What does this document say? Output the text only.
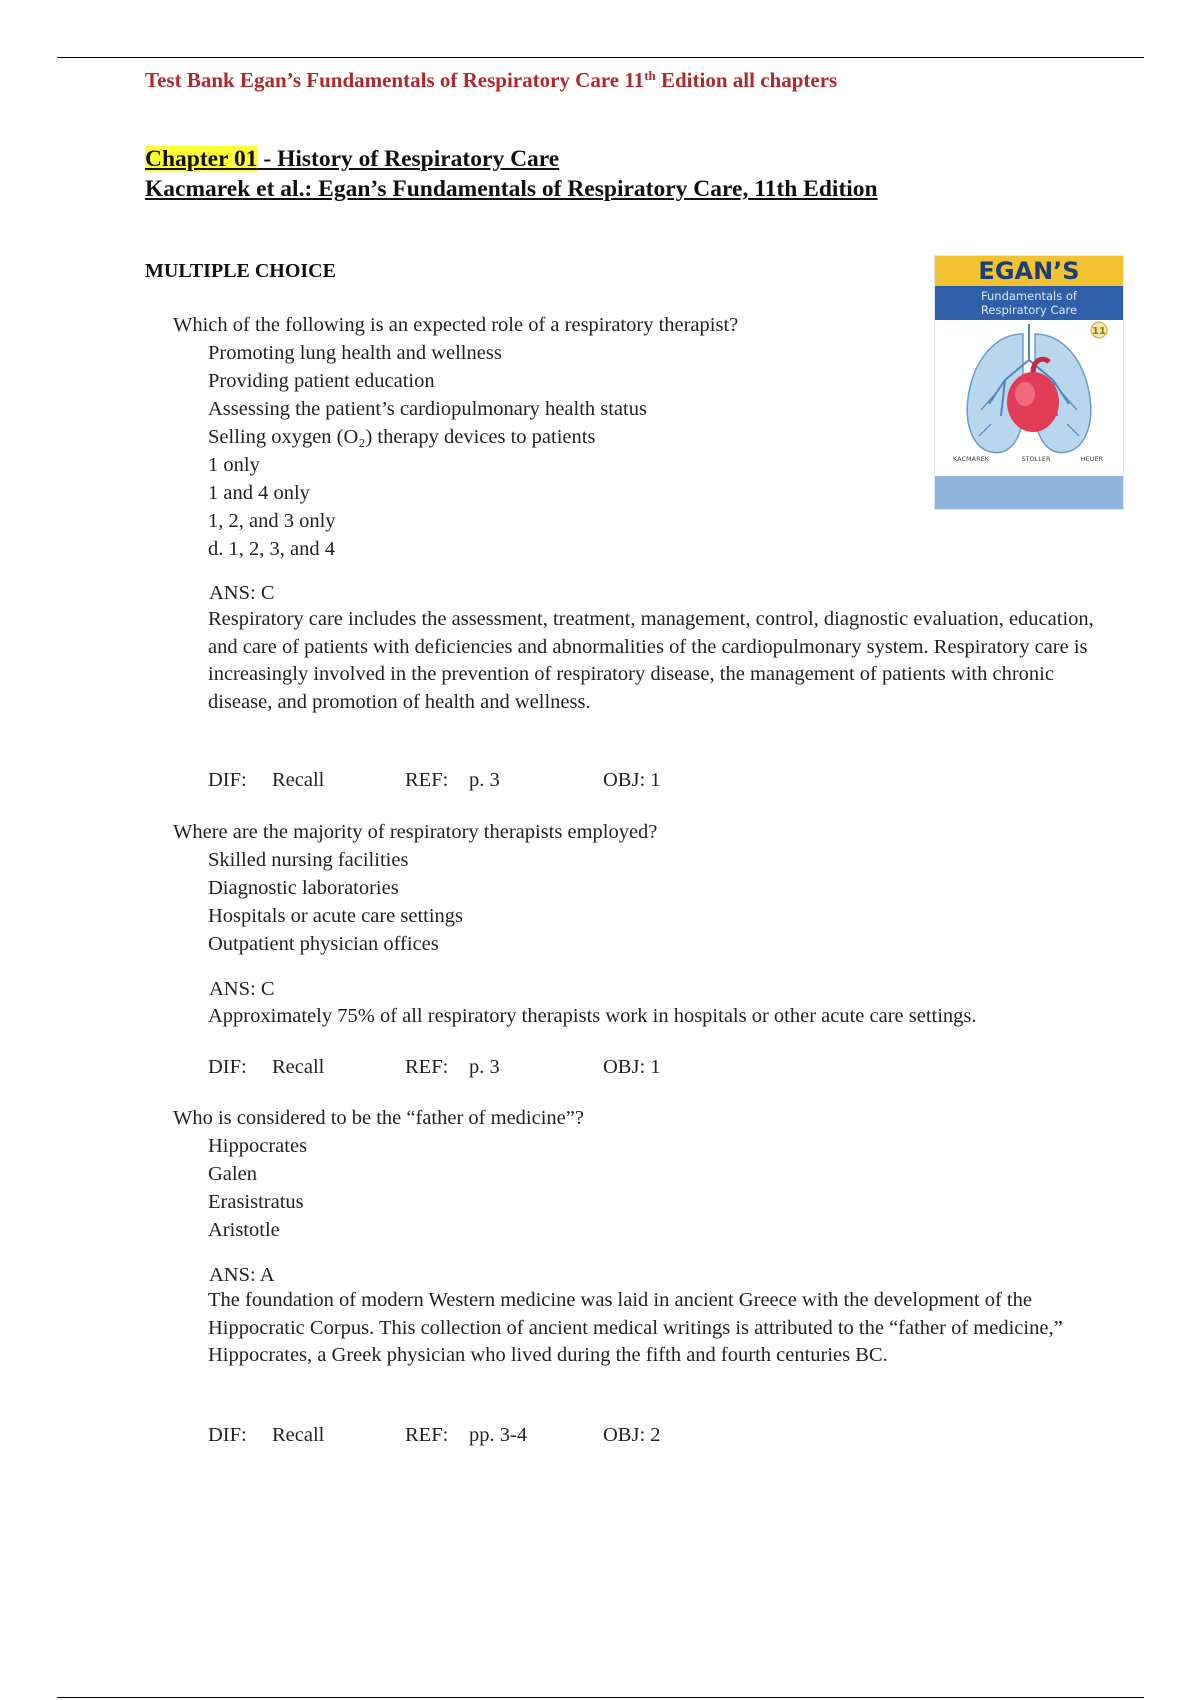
Test Bank Egan’s Fundamentals of Respiratory Care 11th Edition all chapters
Chapter 01 - History of Respiratory Care
Kacmarek et al.: Egan’s Fundamentals of Respiratory Care, 11th Edition
MULTIPLE CHOICE	EGAN’S
Fundamentals of
Respiratory Care
11
KACMAREK	STOLLER	HEUER

Which of the following is an expected role of a respiratory therapist?

Promoting lung health and wellness
Providing patient education
Assessing the patient’s cardiopulmonary health status
Selling oxygen (O₂) therapy devices to patients
1 only
1 and 4 only
1, 2, and 3 only
d. 1, 2, 3, and 4
ANS: C

Respiratory care includes the assessment, treatment, management, control, diagnostic evaluation, education, and care of patients with deficiencies and abnormalities of the cardiopulmonary system. Respiratory care is increasingly involved in the prevention of respiratory disease, the management of patients with chronic disease, and promotion of health and wellness.

DIF: Recall	REF: p. 3	OBJ: 1

Where are the majority of respiratory therapists employed?

Skilled nursing facilities
Diagnostic laboratories
Hospitals or acute care settings
Outpatient physician offices
ANS: C

Approximately 75% of all respiratory therapists work in hospitals or other acute care settings.

DIF: Recall	REF: p. 3	OBJ: 1

Who is considered to be the “father of medicine”?

Hippocrates
Galen
Erasistratus
Aristotle
ANS: A

The foundation of modern Western medicine was laid in ancient Greece with the development of the Hippocratic Corpus. This collection of ancient medical writings is attributed to the “father of medicine,” Hippocrates, a Greek physician who lived during the fifth and fourth centuries BC.

DIF: Recall	REF: pp. 3-4	OBJ: 2
